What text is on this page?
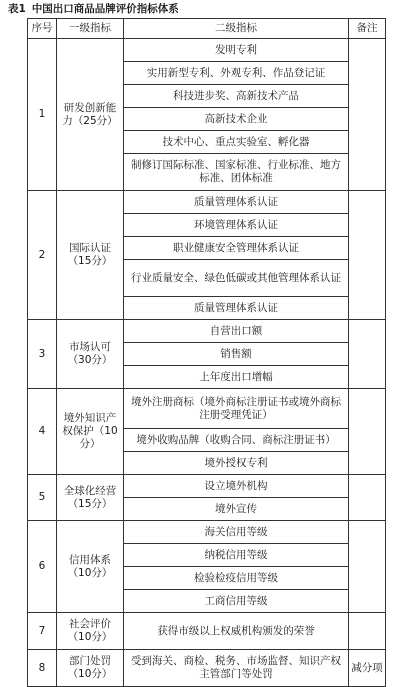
表1 中国出口商品品牌评价指标体系
序号	一级指标	二级指标	备注
1	研发创新能力（25分）	发明专利	
		实用新型专利、外观专利、作品登记证	
		科技进步奖、高新技术产品	
		高新技术企业	
		技术中心、重点实验室、孵化器	
		制修订国际标准、国家标准、行业标准、地方标准、团体标准	
2	国际认证（15分）	质量管理体系认证	
		环境管理体系认证	
		职业健康安全管理体系认证	
		行业质量安全、绿色低碳或其他管理体系认证	
		质量管理体系认证	
3	市场认可（30分）	自营出口额	
		销售额	
		上年度出口增幅	
4	境外知识产权保护（10分）	境外注册商标（境外商标注册证书或境外商标注册受理凭证）	
		境外收购品牌（收购合同、商标注册证书）	
		境外授权专利	
5	全球化经营（15分）	设立境外机构	
		境外宣传	
6	信用体系（10分）	海关信用等级	
		纳税信用等级	
		检验检疫信用等级	
		工商信用等级	
7	社会评价（10分）	获得市级以上权威机构颁发的荣誉	
8	部门处罚（10分）	受到海关、商检、税务、市场监督、知识产权主管部门等处罚	减分项
